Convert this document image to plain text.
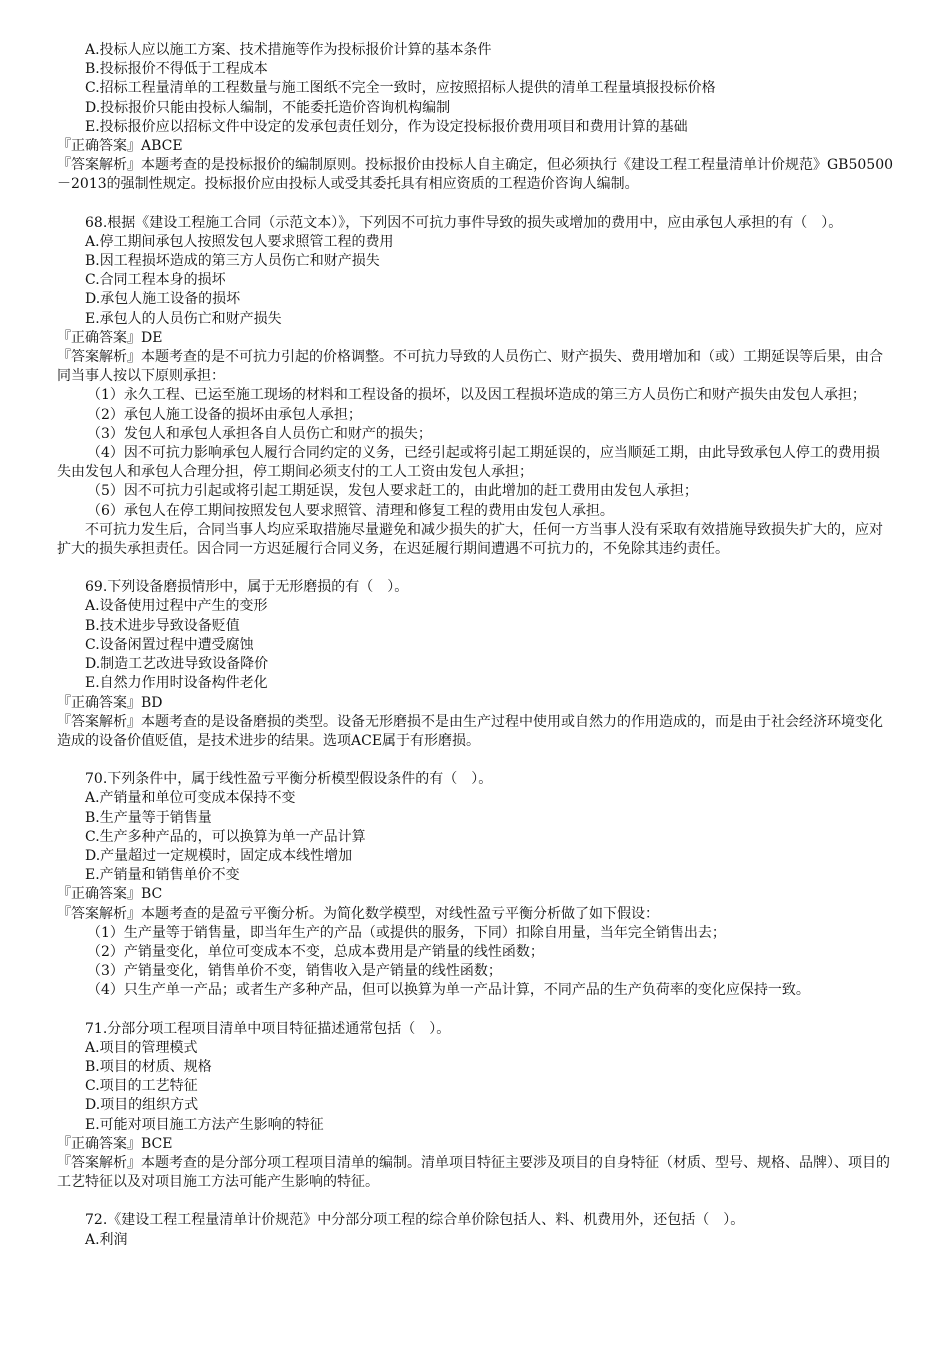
A.投标人应以施工方案、技术措施等作为投标报价计算的基本条件

B.投标报价不得低于工程成本

C.招标工程量清单的工程数量与施工图纸不完全一致时，应按照招标人提供的清单工程量填报投标价格

D.投标报价只能由投标人编制，不能委托造价咨询机构编制

E.投标报价应以招标文件中设定的发承包责任划分，作为设定投标报价费用项目和费用计算的基础

『正确答案』ABCE

『答案解析』本题考查的是投标报价的编制原则。投标报价由投标人自主确定，但必须执行《建设工程工程量清单计价规范》GB50500－2013的强制性规定。投标报价应由投标人或受其委托具有相应资质的工程造价咨询人编制。

68.根据《建设工程施工合同（示范文本）》，下列因不可抗力事件导致的损失或增加的费用中，应由承包人承担的有（　）。

A.停工期间承包人按照发包人要求照管工程的费用

B.因工程损坏造成的第三方人员伤亡和财产损失

C.合同工程本身的损坏

D.承包人施工设备的损坏

E.承包人的人员伤亡和财产损失

『正确答案』DE

『答案解析』本题考查的是不可抗力引起的价格调整。不可抗力导致的人员伤亡、财产损失、费用增加和（或）工期延误等后果，由合同当事人按以下原则承担：

（1）永久工程、已运至施工现场的材料和工程设备的损坏，以及因工程损坏造成的第三方人员伤亡和财产损失由发包人承担；

（2）承包人施工设备的损坏由承包人承担；

（3）发包人和承包人承担各自人员伤亡和财产的损失；

（4）因不可抗力影响承包人履行合同约定的义务，已经引起或将引起工期延误的，应当顺延工期，由此导致承包人停工的费用损失由发包人和承包人合理分担，停工期间必须支付的工人工资由发包人承担；

（5）因不可抗力引起或将引起工期延误，发包人要求赶工的，由此增加的赶工费用由发包人承担；

（6）承包人在停工期间按照发包人要求照管、清理和修复工程的费用由发包人承担。

不可抗力发生后，合同当事人均应采取措施尽量避免和减少损失的扩大，任何一方当事人没有采取有效措施导致损失扩大的，应对扩大的损失承担责任。因合同一方迟延履行合同义务，在迟延履行期间遭遇不可抗力的，不免除其违约责任。

69.下列设备磨损情形中，属于无形磨损的有（　）。

A.设备使用过程中产生的变形

B.技术进步导致设备贬值

C.设备闲置过程中遭受腐蚀

D.制造工艺改进导致设备降价

E.自然力作用时设备构件老化

『正确答案』BD

『答案解析』本题考查的是设备磨损的类型。设备无形磨损不是由生产过程中使用或自然力的作用造成的，而是由于社会经济环境变化造成的设备价值贬值，是技术进步的结果。选项ACE属于有形磨损。

70.下列条件中，属于线性盈亏平衡分析模型假设条件的有（　）。

A.产销量和单位可变成本保持不变

B.生产量等于销售量

C.生产多种产品的，可以换算为单一产品计算

D.产量超过一定规模时，固定成本线性增加

E.产销量和销售单价不变

『正确答案』BC

『答案解析』本题考查的是盈亏平衡分析。为简化数学模型，对线性盈亏平衡分析做了如下假设：

（1）生产量等于销售量，即当年生产的产品（或提供的服务，下同）扣除自用量，当年完全销售出去；

（2）产销量变化，单位可变成本不变，总成本费用是产销量的线性函数；

（3）产销量变化，销售单价不变，销售收入是产销量的线性函数；

（4）只生产单一产品；或者生产多种产品，但可以换算为单一产品计算，不同产品的生产负荷率的变化应保持一致。

71.分部分项工程项目清单中项目特征描述通常包括（　）。

A.项目的管理模式

B.项目的材质、规格

C.项目的工艺特征

D.项目的组织方式

E.可能对项目施工方法产生影响的特征

『正确答案』BCE

『答案解析』本题考查的是分部分项工程项目清单的编制。清单项目特征主要涉及项目的自身特征（材质、型号、规格、品牌）、项目的工艺特征以及对项目施工方法可能产生影响的特征。

72.《建设工程工程量清单计价规范》中分部分项工程的综合单价除包括人、料、机费用外，还包括（　）。

A.利润
